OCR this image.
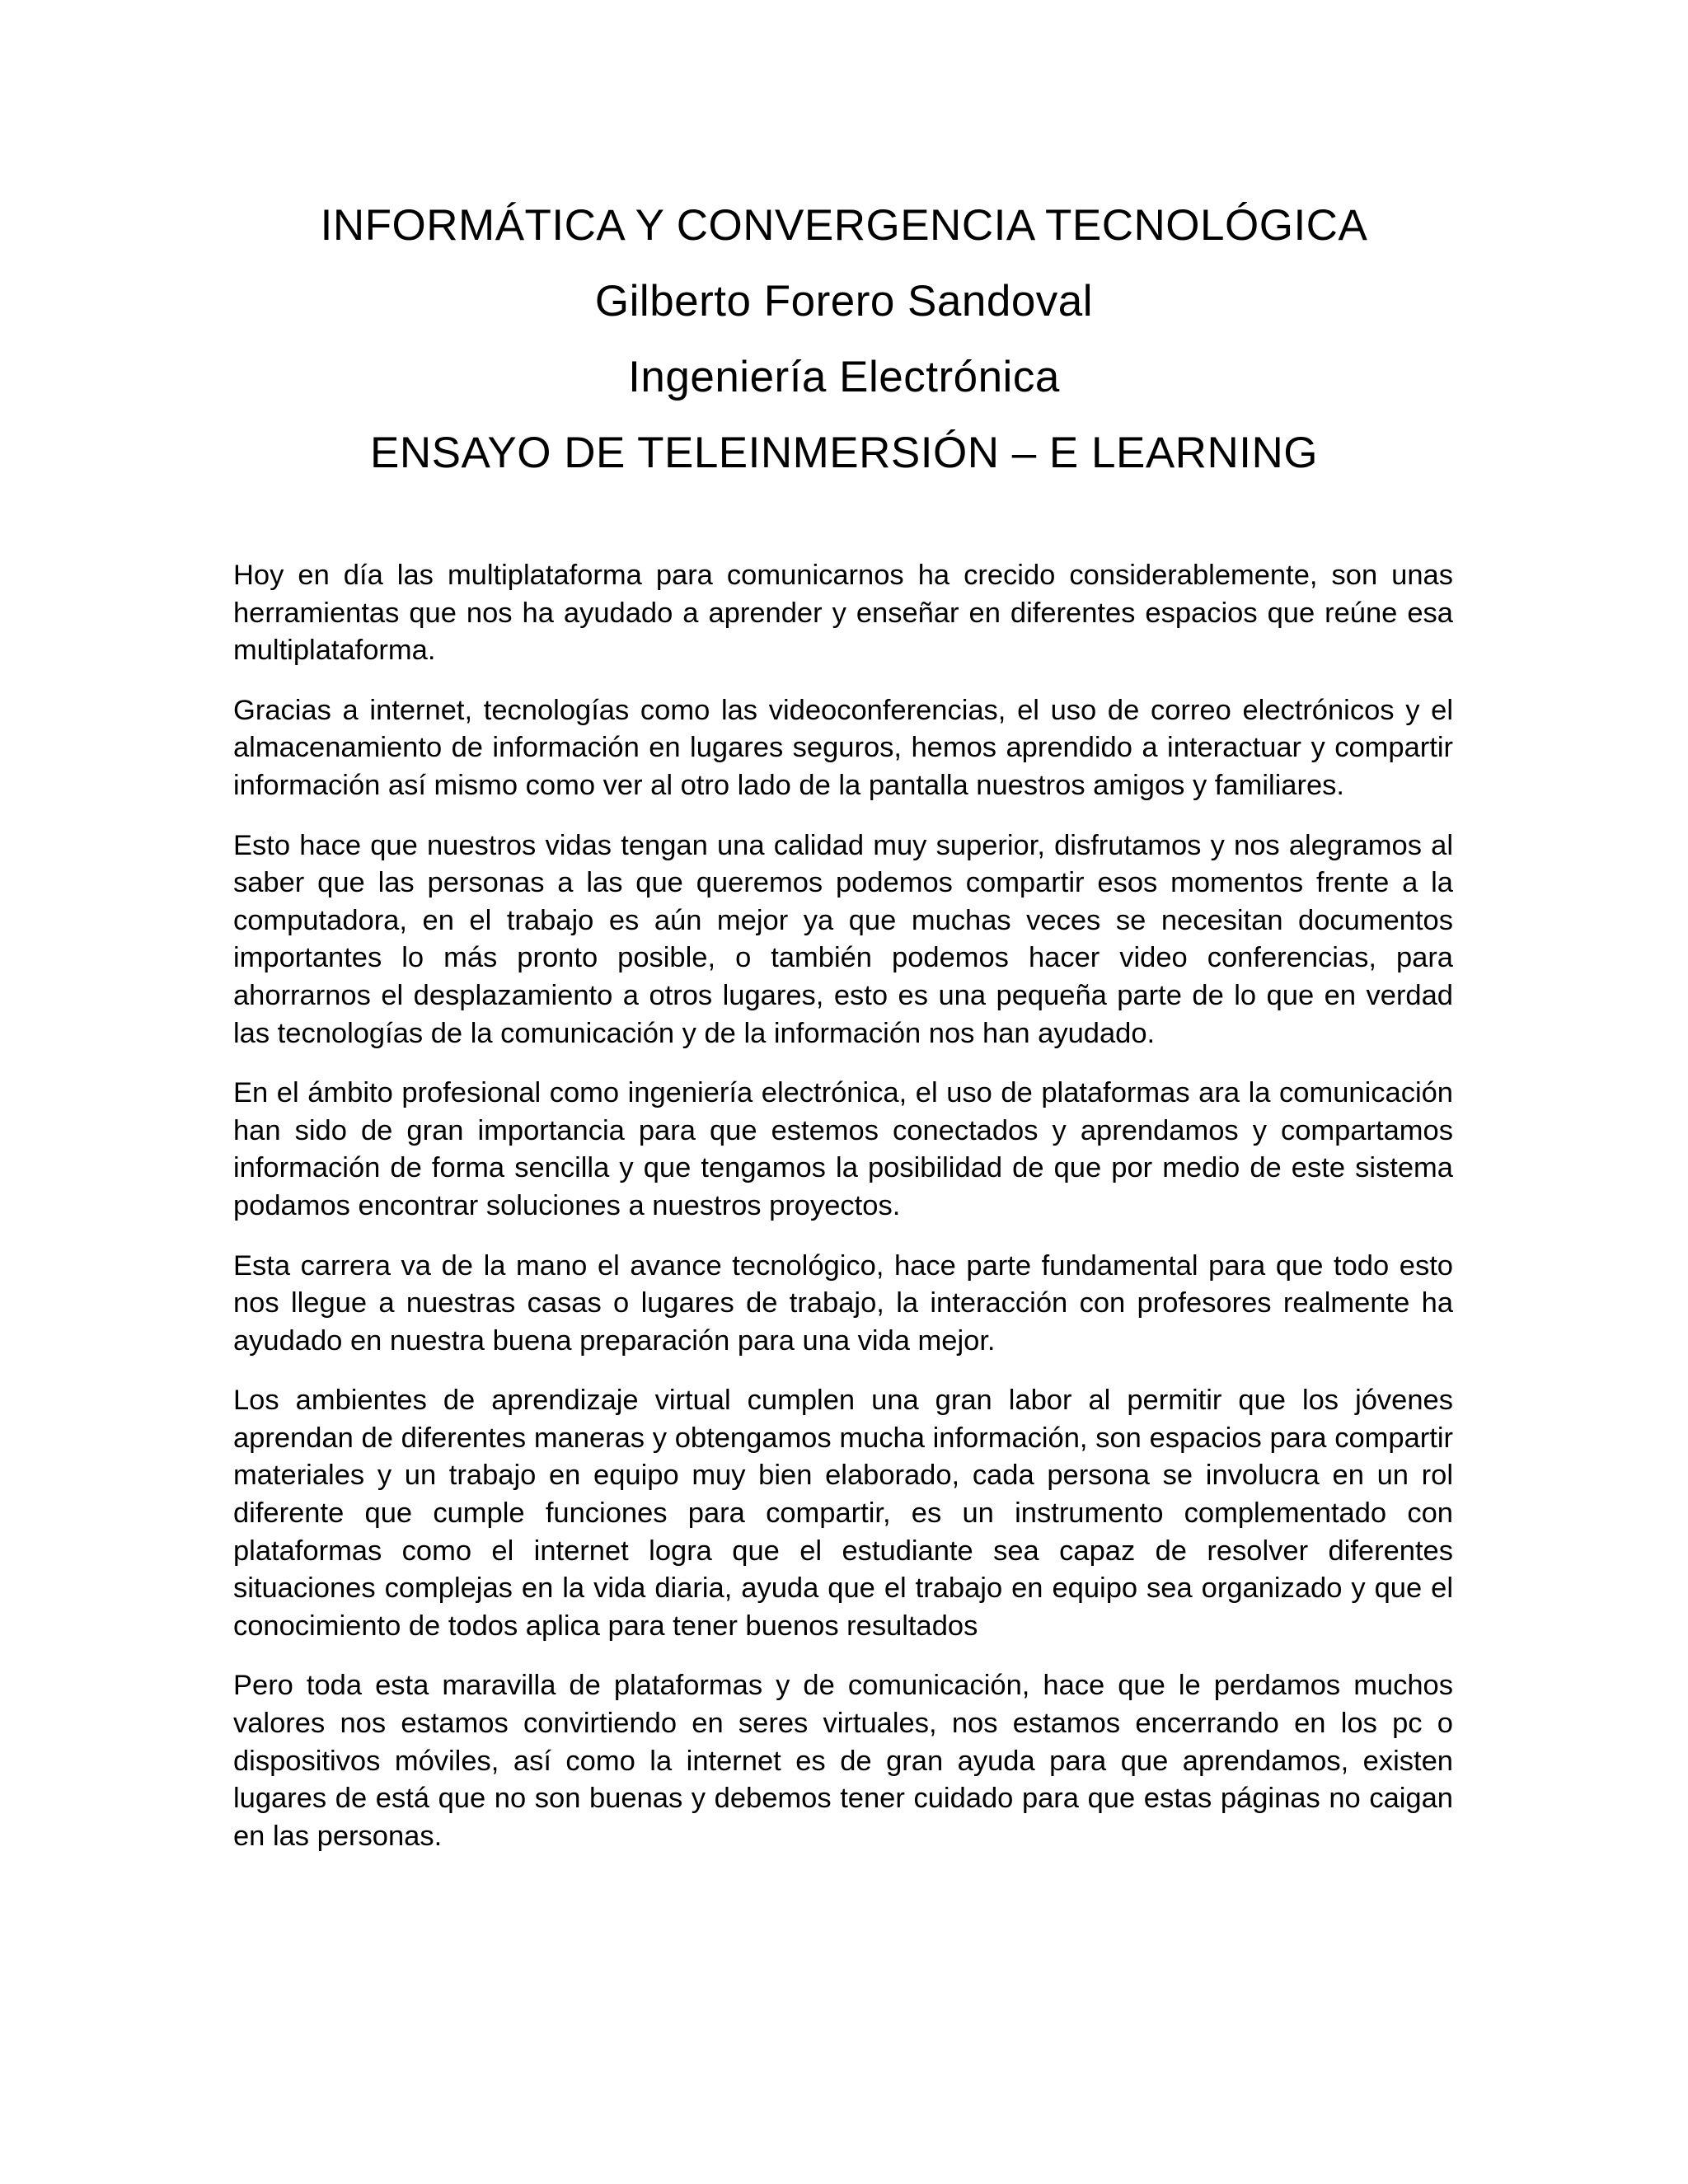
INFORMÁTICA Y CONVERGENCIA TECNOLÓGICA
Gilberto Forero Sandoval
Ingeniería Electrónica
ENSAYO DE TELEINMERSIÓN – E LEARNING

Hoy en día las multiplataforma para comunicarnos ha crecido considerablemente, son unas herramientas que nos ha ayudado a aprender y enseñar en diferentes espacios que reúne esa multiplataforma.

Gracias a internet, tecnologías como las videoconferencias, el uso de correo electrónicos y el almacenamiento de información en lugares seguros, hemos aprendido a interactuar y compartir información así mismo como ver al otro lado de la pantalla nuestros amigos y familiares.

Esto hace que nuestros vidas tengan una calidad muy superior, disfrutamos y nos alegramos al saber que las personas a las que queremos podemos compartir esos momentos frente a la computadora, en el trabajo es aún mejor ya que muchas veces se necesitan documentos importantes lo más pronto posible, o también podemos hacer video conferencias, para ahorrarnos el desplazamiento a otros lugares, esto es una pequeña parte de lo que en verdad las tecnologías de la comunicación y de la información nos han ayudado.

En el ámbito profesional como ingeniería electrónica, el uso de plataformas ara la comunicación han sido de gran importancia para que estemos conectados y aprendamos y compartamos información de forma sencilla y que tengamos la posibilidad de que por medio de este sistema podamos encontrar soluciones a nuestros proyectos.

Esta carrera va de la mano el avance tecnológico, hace parte fundamental para que todo esto nos llegue a nuestras casas o lugares de trabajo, la interacción con profesores realmente ha ayudado en nuestra buena preparación para una vida mejor.

Los ambientes de aprendizaje virtual cumplen una gran labor al permitir que los jóvenes aprendan de diferentes maneras y obtengamos mucha información, son espacios para compartir materiales y un trabajo en equipo muy bien elaborado, cada persona se involucra en un rol diferente que cumple funciones para compartir, es un instrumento complementado con plataformas como el internet logra que el estudiante sea capaz de resolver diferentes situaciones complejas en la vida diaria, ayuda que el trabajo en equipo sea organizado y que el conocimiento de todos aplica para tener buenos resultados

Pero toda esta maravilla de plataformas y de comunicación, hace que le perdamos muchos valores nos estamos convirtiendo en seres virtuales, nos estamos encerrando en los pc o dispositivos móviles, así como la internet es de gran ayuda para que aprendamos, existen lugares de está que no son buenas y debemos tener cuidado para que estas páginas no caigan en las personas.
